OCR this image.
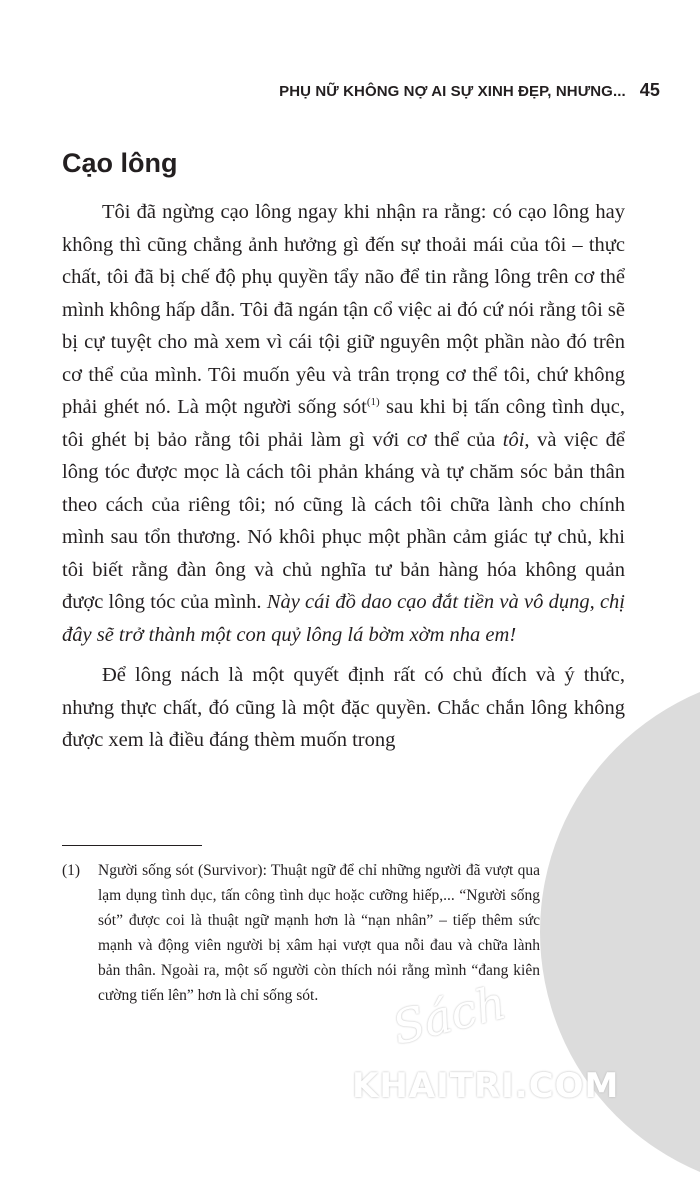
PHỤ NỮ KHÔNG NỢ AI SỰ XINH ĐẸP, NHƯNG... 45
Cạo lông

Tôi đã ngừng cạo lông ngay khi nhận ra rằng: có cạo lông hay không thì cũng chẳng ảnh hưởng gì đến sự thoải mái của tôi – thực chất, tôi đã bị chế độ phụ quyền tẩy não để tin rằng lông trên cơ thể mình không hấp dẫn. Tôi đã ngán tận cổ việc ai đó cứ nói rằng tôi sẽ bị cự tuyệt cho mà xem vì cái tội giữ nguyên một phần nào đó trên cơ thể của mình. Tôi muốn yêu và trân trọng cơ thể tôi, chứ không phải ghét nó. Là một người sống sót$^{(1)}$ sau khi bị tấn công tình dục, tôi ghét bị bảo rằng tôi phải làm gì với cơ thể của tôi, và việc để lông tóc được mọc là cách tôi phản kháng và tự chăm sóc bản thân theo cách của riêng tôi; nó cũng là cách tôi chữa lành cho chính mình sau tổn thương. Nó khôi phục một phần cảm giác tự chủ, khi tôi biết rằng đàn ông và chủ nghĩa tư bản hàng hóa không quản được lông tóc của mình. Này cái đồ dao cạo đắt tiền và vô dụng, chị đây sẽ trở thành một con quỷ lông lá bờm xờm nha em!

Để lông nách là một quyết định rất có chủ đích và ý thức, nhưng thực chất, đó cũng là một đặc quyền. Chắc chắn lông không được xem là điều đáng thèm muốn trong

(1)	Người sống sót (Survivor): Thuật ngữ để chỉ những người đã vượt qua lạm dụng tình dục, tấn công tình dục hoặc cưỡng hiếp,... “Người sống sót” được coi là thuật ngữ mạnh hơn là “nạn nhân” – tiếp thêm sức mạnh và động viên người bị xâm hại vượt qua nỗi đau và chữa lành bản thân. Ngoài ra, một số người còn thích nói rằng mình “đang kiên cường tiến lên” hơn là chỉ sống sót.	Sách
KHAITRI.COM
